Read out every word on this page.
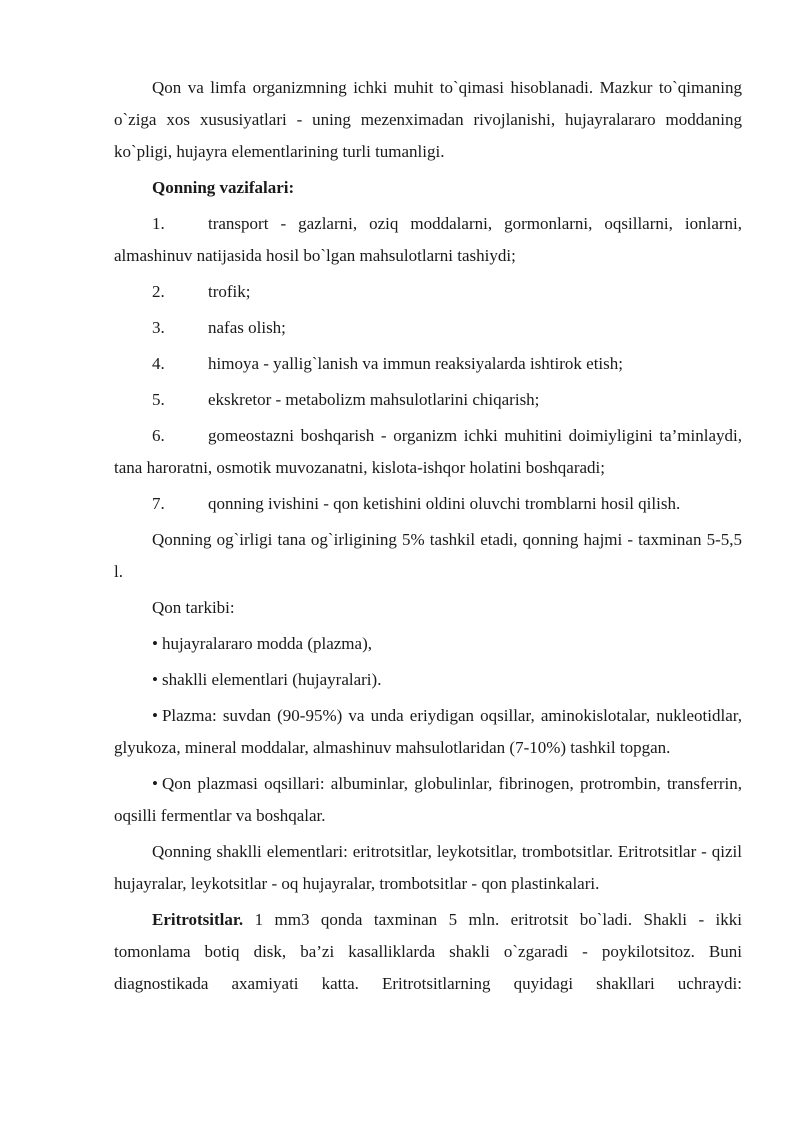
Qon va limfa organizmning ichki muhit to`qimasi hisoblanadi. Mazkur to`qimaning o`ziga xos xususiyatlari - uning mezenximadan rivojlanishi, hujayralararo moddaning ko`pligi, hujayra elementlarining turli tumanligi.

Qonning vazifalari:

1.	transport - gazlarni, oziq moddalarni, gormonlarni, oqsillarni, ionlarni, almashinuv natijasida hosil bo`lgan mahsulotlarni tashiydi;

2.	trofik;

3.	nafas olish;

4.	himoya - yallig`lanish va immun reaksiyalarda ishtirok etish;

5.	ekskretor - metabolizm mahsulotlarini chiqarish;

6.	gomeostazni boshqarish - organizm ichki muhitini doimiyligini ta’minlaydi, tana haroratni, osmotik muvozanatni, kislota-ishqor holatini boshqaradi;

7.	qonning ivishini - qon ketishini oldini oluvchi tromblarni hosil qilish.

Qonning og`irligi tana og`irligining 5% tashkil etadi, qonning hajmi - taxminan 5-5,5 l.

Qon tarkibi:

• hujayralararo modda (plazma),

• shaklli elementlari (hujayralari).

• Plazma: suvdan (90-95%) va unda eriydigan oqsillar, aminokislotalar, nukleotidlar, glyukoza, mineral moddalar, almashinuv mahsulotlaridan (7-10%) tashkil topgan.

• Qon plazmasi oqsillari: albuminlar, globulinlar, fibrinogen, protrombin, transferrin, oqsilli fermentlar va boshqalar.

Qonning shaklli elementlari: eritrotsitlar, leykotsitlar, trombotsitlar. Eritrotsitlar - qizil hujayralar, leykotsitlar - oq hujayralar, trombotsitlar - qon plastinkalari.

Eritrotsitlar. 1 mm3 qonda taxminan 5 mln. eritrotsit bo`ladi. Shakli - ikki tomonlama botiq disk, ba’zi kasalliklarda shakli o`zgaradi - poykilotsitoz. Buni diagnostikada axamiyati katta. Eritrotsitlarning quyidagi shakllari uchraydi:
